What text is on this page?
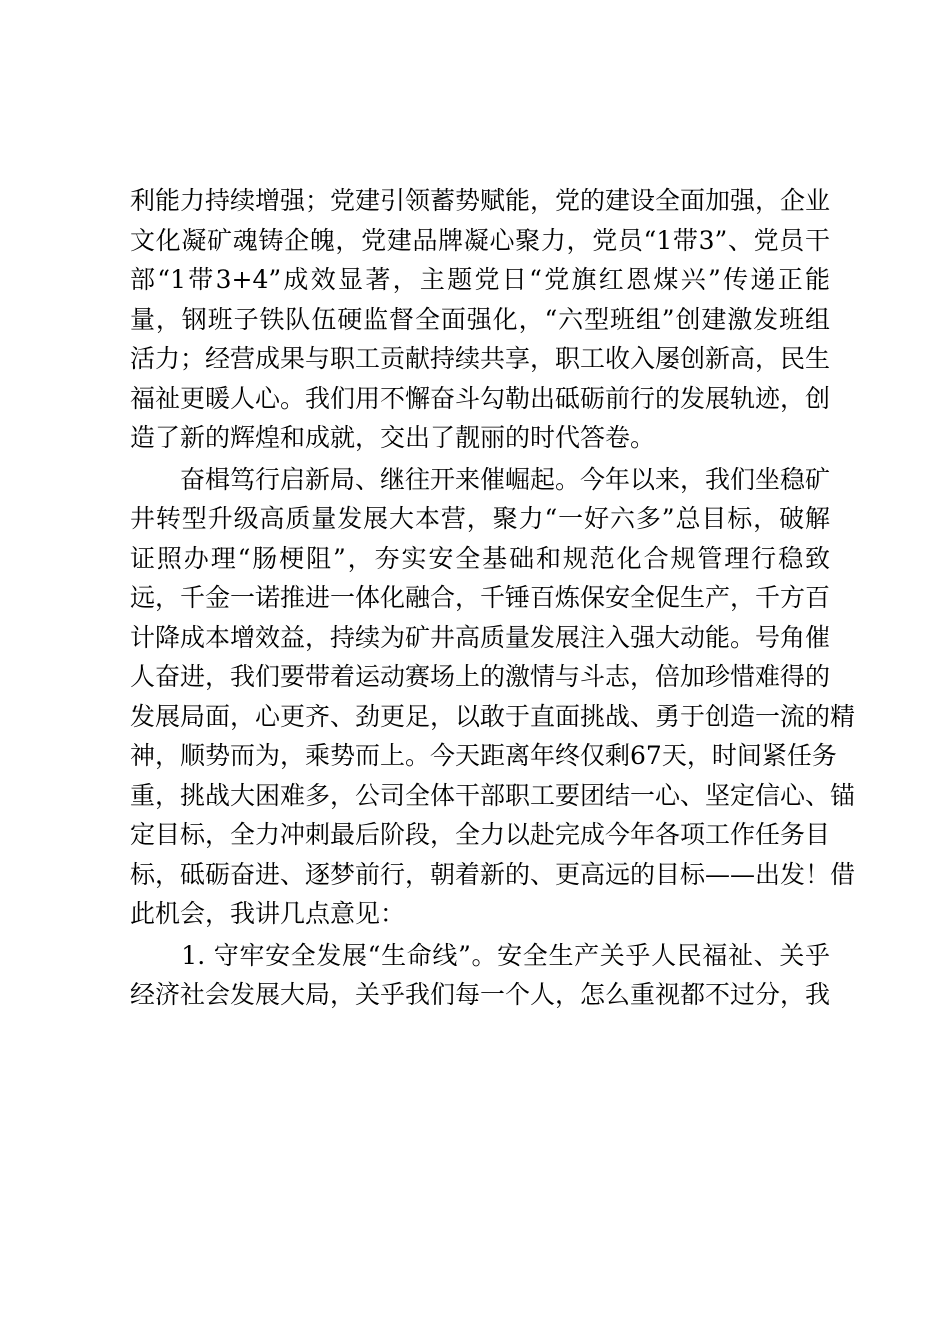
利能力持续增强；党建引领蓄势赋能，党的建设全面加强，企业
文化凝矿魂铸企魄，党建品牌凝心聚力，党员“1带3”、党员干
部“1带3+4”成效显著，主题党日“党旗红恩煤兴”传递正能
量，钢班子铁队伍硬监督全面强化，“六型班组”创建激发班组
活力；经营成果与职工贡献持续共享，职工收入屡创新高，民生
福祉更暖人心。我们用不懈奋斗勾勒出砥砺前行的发展轨迹，创
造了新的辉煌和成就，交出了靓丽的时代答卷。
　　奋楫笃行启新局、继往开来催崛起。今年以来，我们坐稳矿
井转型升级高质量发展大本营，聚力“一好六多”总目标，破解
证照办理“肠梗阻”，夯实安全基础和规范化合规管理行稳致
远，千金一诺推进一体化融合，千锤百炼保安全促生产，千方百
计降成本增效益，持续为矿井高质量发展注入强大动能。号角催
人奋进，我们要带着运动赛场上的激情与斗志，倍加珍惜难得的
发展局面，心更齐、劲更足，以敢于直面挑战、勇于创造一流的精
神，顺势而为，乘势而上。今天距离年终仅剩67天，时间紧任务
重，挑战大困难多，公司全体干部职工要团结一心、坚定信心、锚
定目标，全力冲刺最后阶段，全力以赴完成今年各项工作任务目
标，砥砺奋进、逐梦前行，朝着新的、更高远的目标——出发！借
此机会，我讲几点意见：
　　1. 守牢安全发展“生命线”。安全生产关乎人民福祉、关乎
经济社会发展大局，关乎我们每一个人，怎么重视都不过分，我
